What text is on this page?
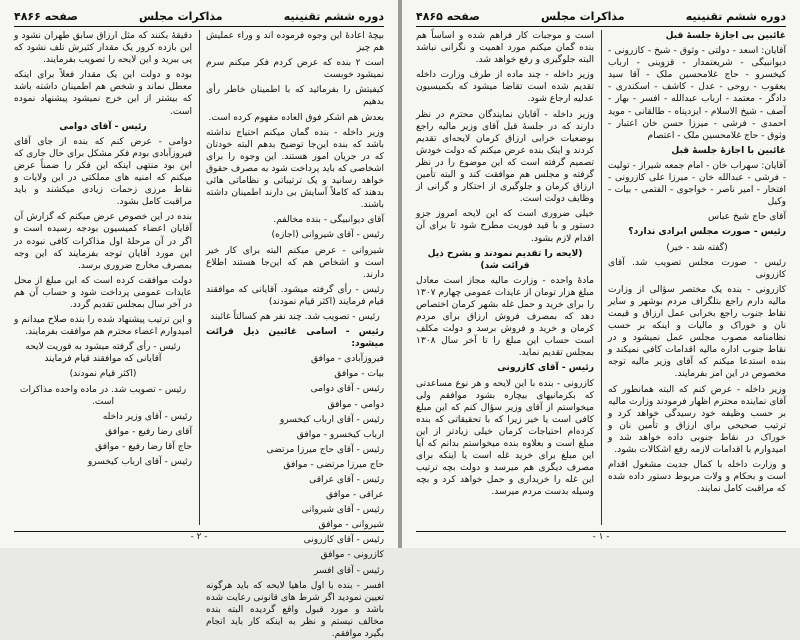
دوره ششم تقنینیه
مذاکرات مجلس
صفحه ۴۸۶۶

بیچهٔ اعادهٔ این وجوه فرموده اند و وراء عملیش هم چیز

است ۲ بنده که عرض کردم فکر میکنم سرم نمیشود خوبست

کیفیتش را بفرمائید که با اطمینان خاطر رأی بدهیم

بعدش هم اشکر فوق العاده مفهوم کرده است.

وزیر داخله - بنده گمان میکنم احتیاج نداشته باشد که بنده این‌جا توضیح بدهم البته خودتان که در جریان امور هستند. این وجوه را برای اشخاصی که باید پرداخت شود به مصرف حقوق خواهد رسانید و یک ترتیباتی و نظاماتی هائی بدهند که کاملاً آسایش بی دارند اطمینان داشته باشند.

آقای دیوانبیگی - بنده مخالفم.

رئیس - آقای شیروانی (اجازه)

شیروانی - عرض میکنم البته برای کار خیر است و اشخاص هم که این‌جا هستند اطلاع دارند.

رئیس - رأی گرفته میشود. آقایانی که موافقند قیام فرمایند (اکثر قیام نمودند)

رئیس - تصویب شد. چند نفر هم کسالتاً غائبند

رئیس - اسامی غائبین ذیل قرائت میشود:

فیروزآبادی - موافق

بیات - موافق

رئیس - آقای دوامی

دوامی - موافق

رئیس - آقای ارباب کیخسرو

ارباب کیخسرو - موافق

رئیس - آقای حاج میرزا مرتضی

حاج میرزا مرتضی - موافق

رئیس - آقای عراقی

عراقی - موافق

رئیس - آقای شیروانی

شیروانی - موافق

رئیس - آقای کازرونی

کازرونی - موافق

رئیس - آقای افسر

افسر - بنده با اول ماهیا لایحه که باید هرگونه تعیین نمودید اگر شرط های قانونی رعایت شده باشد و مورد قبول واقع گردیده البته بنده مخالف نیستم و نظر به اینکه کار باید انجام بگیرد موافقم.

دقیقهٔ بکنند که مثل ارزاق سابق طهران نشود و این بازده کرور یک مقدار کثیرش تلف نشود که پی ببرید و این لایحه را تصویب بفرمایند.

بوده و دولت این یک مقدار فعلاً برای اینکه معطل نماند و شخص هم اطمینان داشته باشد که بیشتر از این خرج نمیشود پیشنهاد نموده است.

رئیس - آقای دوامی

دوامی - عرض کنم که بنده از جای آقای فیروزآبادی بودم فکر مشکل برای حال جاری که این بود منتهی اینکه این فکر را ضمناً عرض میکنم که امنیه های مملکتی در این ولایات و نقاط مرزی زحمات زیادی میکشند و باید مراقبت کامل بشود.

بنده در این خصوص عرض میکنم که گزارش آن آقایان اعضاء کمیسیون بودجه رسیده است و اگر در آن مرحلهٔ اول مذاکرات کافی نبوده در این مورد آقایان توجه بفرمایند که این وجه بمصرف مخارج ضروری برسد.

دولت موافقت کرده است که این مبلغ از محل عایدات عمومی پرداخت شود و حساب آن هم در آخر سال بمجلس تقدیم گردد.

و این ترتیب پیشنهاد شده را بنده صلاح میدانم و امیدوارم اعضاء محترم هم موافقت بفرمایند.

رئیس - رأی گرفته میشود به فوریت لایحه آقایانی که موافقند قیام فرمایند

(اکثر قیام نمودند)

رئیس - تصویب شد. در ماده واحده مذاکرات است.

رئیس - آقای وزیر داخله

آقای رضا رفیع - موافق

حاج آقا رضا رفیع - موافق

رئیس - آقای ارباب کیخسرو

- ۲ -
دوره ششم تقنینیه
مذاکرات مجلس
صفحه ۴۸۶۵

غائبین بی اجازهٔ جلسهٔ قبل

آقایان: اسعد - دولتی - وثوق - شیخ - کازرونی - دیوانبیگی - شریعتمدار - قزوینی - ارباب کیخسرو - حاج غلامحسین ملک - آقا سید یعقوب - روحی - عدل - کاشف - اسکندری - دادگر - معتمد - ارباب عبدالله - افسر - بهار - آصف - شیخ الاسلام - ایزدپناه - طالقانی - موید احمدی - فرشی - میرزا حسن خان اعتبار - وثوق - حاج غلامحسین ملک - اعتصام

غائبین با اجازهٔ جلسهٔ قبل

آقایان: سهراب خان - امام جمعه شیراز - تولیت - فرشی - عبدالله خان - میرزا علی کازرونی - افتخار - امیر ناصر - خواجوی - الفتمی - بیات - وکیل

آقای حاج شیخ عباس

رئیس - صورت مجلس ابرادی ندارد؟

(گفته شد - خیر)

رئیس - صورت مجلس تصویب شد. آقای کازرونی

کازرونی - بنده یک مختصر سؤالی از وزارت مالیه دارم راجع بتلگراف مردم بوشهر و سایر نقاط جنوب راجع بخرابی عمل ارزاق و قیمت نان و خوراک و مالیات و اینکه بر حسب نظامنامه مصوب مجلس عمل نمیشود و در نقاط جنوب اداره مالیه اقدامات کافی نمیکند و بنده استدعا میکنم که آقای وزیر مالیه توجه مخصوص در این امر بفرمایند.

وزیر داخله - عرض کنم که البته همانطور که آقای نماینده محترم اظهار فرمودند وزارت مالیه بر حسب وظیفه خود رسیدگی خواهد کرد و ترتیب صحیحی برای ارزاق و تأمین نان و خوراک در نقاط جنوبی داده خواهد شد و امیدوارم با اقدامات لازمه رفع اشکالات بشود.

و وزارت داخله با کمال جدیت مشغول اقدام است و بحکام و ولات مربوط دستور داده شده که مراقبت کامل نمایند.

است و موجبات کار فراهم شده و اساساً هم بنده گمان میکنم مورد اهمیت و نگرانی نباشد البته جلوگیری و رفع خواهد شد.

وزیر داخله - چند ماده از طرف وزارت داخله تقدیم شده است تقاضا میشود که بکمیسیون عدلیه ارجاع شود.

وزیر داخله - آقایان نمایندگان محترم در نظر دارند که در جلسهٔ قبل آقای وزیر مالیه راجع بوضعیات خرابی ارزاق کرمان لایحه‌ای تقدیم کردند و اینک بنده عرض میکنم که دولت خودش تصمیم گرفته است که این موضوع را در نظر گرفته و مجلس هم موافقت کند و البته تأمین ارزاق کرمان و جلوگیری از احتکار و گرانی از وظایف دولت است.

خیلی ضروری است که این لایحه امروز جزو دستور و با قید فوریت مطرح شود تا برای آن اقدام لازم بشود.

(لایحه را تقدیم نمودند و بشرح ذیل قرائت شد)

مادهٔ واحده - وزارت مالیه مجاز است معادل مبلغ هزار تومان از عایدات عمومی چهارم ۱۳۰۷ را برای خرید و حمل غله بشهر کرمان اختصاص دهد که بمصرف فروش ارزاق برای مردم کرمان و خرید و فروش برسد و دولت مکلف است حساب این مبلغ را تا آخر سال ۱۳۰۸ بمجلس تقدیم نماید.

رئیس - آقای کازرونی

کازرونی - بنده با این لایحه و هر نوع مساعدتی که بکرمانیهای بیچاره بشود موافقم ولی میخواستم از آقای وزیر سؤال کنم که این مبلغ کافی است یا خیر زیرا که با تحقیقاتی که بنده کرده‌ام احتیاجات کرمان خیلی زیادتر از این مبلغ است و بعلاوه بنده میخواستم بدانم که آیا این مبلغ برای خرید غله است یا اینکه برای مصرف دیگری هم میرسد و دولت بچه ترتیب این غله را خریداری و حمل خواهد کرد و بچه وسیله بدست مردم میرسد.

- ۱ -
